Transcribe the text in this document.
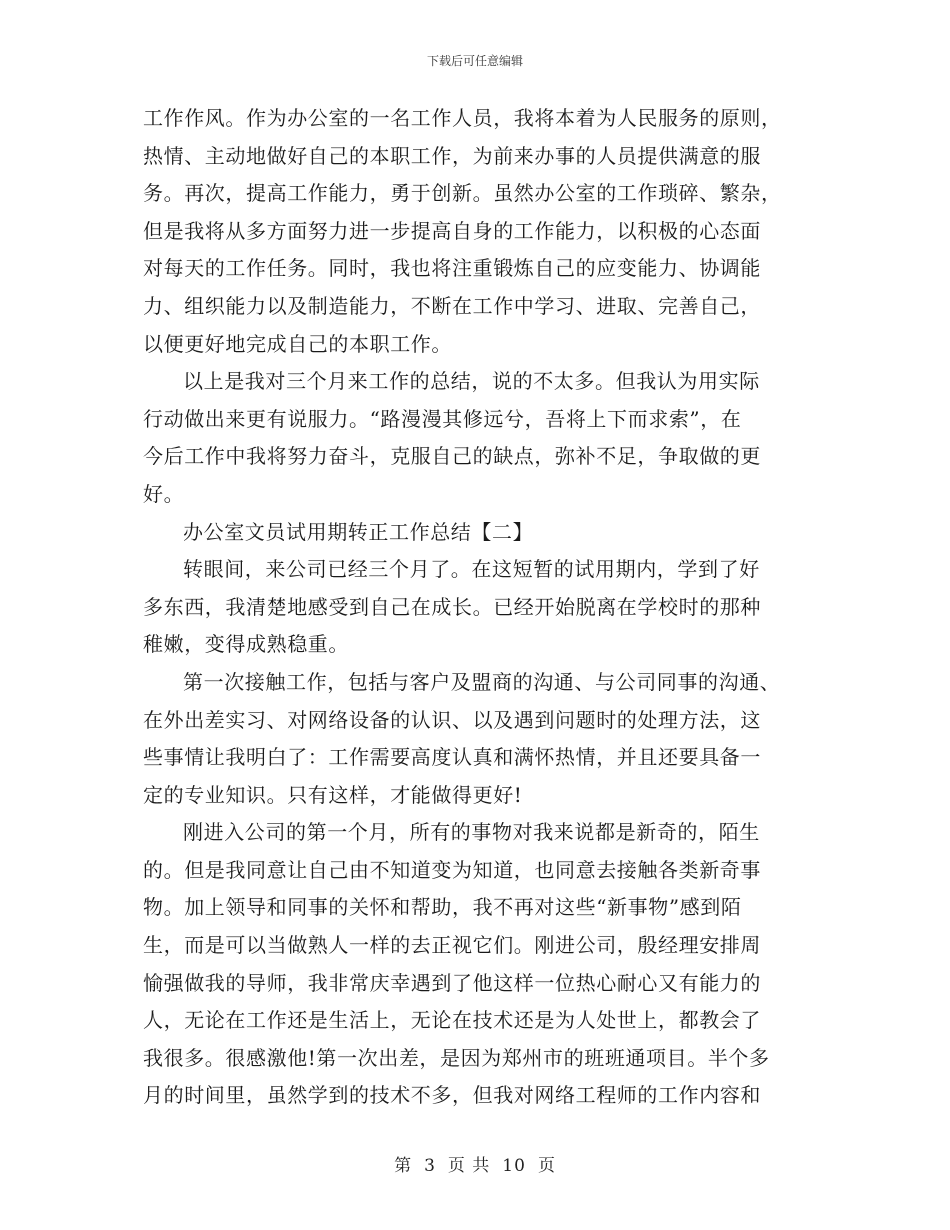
下载后可任意编辑
工作作风。作为办公室的一名工作人员，我将本着为人民服务的原则，
热情、主动地做好自己的本职工作，为前来办事的人员提供满意的服
务。再次，提高工作能力，勇于创新。虽然办公室的工作琐碎、繁杂，
但是我将从多方面努力进一步提高自身的工作能力，以积极的心态面
对每天的工作任务。同时，我也将注重锻炼自己的应变能力、协调能
力、组织能力以及制造能力，不断在工作中学习、进取、完善自己，
以便更好地完成自己的本职工作。
以上是我对三个月来工作的总结，说的不太多。但我认为用实际
行动做出来更有说服力。“路漫漫其修远兮，吾将上下而求索”，在
今后工作中我将努力奋斗，克服自己的缺点，弥补不足，争取做的更
好。
办公室文员试用期转正工作总结【二】
转眼间，来公司已经三个月了。在这短暂的试用期内，学到了好
多东西，我清楚地感受到自己在成长。已经开始脱离在学校时的那种
稚嫩，变得成熟稳重。
第一次接触工作，包括与客户及盟商的沟通、与公司同事的沟通、
在外出差实习、对网络设备的认识、以及遇到问题时的处理方法，这
些事情让我明白了：工作需要高度认真和满怀热情，并且还要具备一
定的专业知识。只有这样，才能做得更好!
刚进入公司的第一个月，所有的事物对我来说都是新奇的，陌生
的。但是我同意让自己由不知道变为知道，也同意去接触各类新奇事
物。加上领导和同事的关怀和帮助，我不再对这些“新事物”感到陌
生，而是可以当做熟人一样的去正视它们。刚进公司，殷经理安排周
愉强做我的导师，我非常庆幸遇到了他这样一位热心耐心又有能力的
人，无论在工作还是生活上，无论在技术还是为人处世上，都教会了
我很多。很感激他!第一次出差，是因为郑州市的班班通项目。半个多
月的时间里，虽然学到的技术不多，但我对网络工程师的工作内容和
第 3 页 共 10 页
